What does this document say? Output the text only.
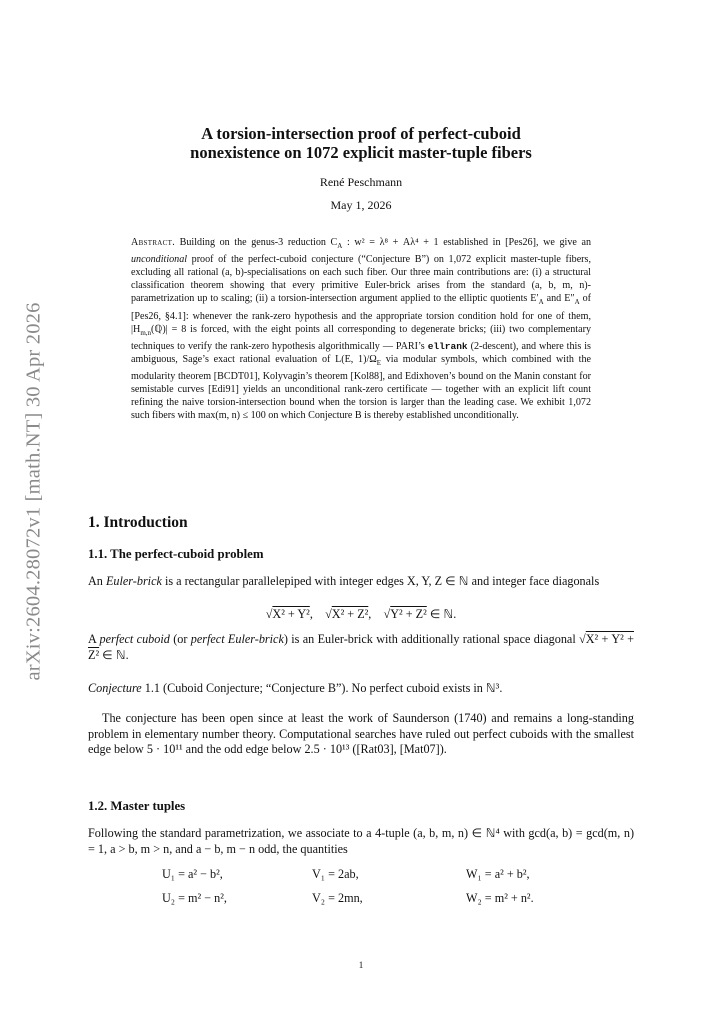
arXiv:2604.28072v1 [math.NT] 30 Apr 2026
A torsion-intersection proof of perfect-cuboid
nonexistence on 1072 explicit master-tuple fibers
René Peschmann
May 1, 2026
Abstract. Building on the genus-3 reduction $C_A$ : w² = λ⁸ + Aλ⁴ + 1 established in [Pes26], we give an unconditional proof of the perfect-cuboid conjecture (“Conjecture B”) on 1,072 explicit master-tuple fibers, excluding all rational (a, b)-specialisations on each such fiber. Our three main contributions are: (i) a structural classification theorem showing that every primitive Euler-brick arises from the standard (a, b, m, n)-parametrization up to scaling; (ii) a torsion-intersection argument applied to the elliptic quotients $E'_A$ and $E''_A$ of [Pes26, §4.1]: whenever the rank-zero hypothesis and the appropriate torsion condition hold for one of them, $|H_{m,n}(ℚ)| = 8$ is forced, with the eight points all corresponding to degenerate bricks; (iii) two complementary techniques to verify the rank-zero hypothesis algorithmically — PARI’s ellrank (2-descent), and where this is ambiguous, Sage’s exact rational evaluation of L(E, $1)/\Omega_E$ via modular symbols, which combined with the modularity theorem [BCDT01], Kolyvagin’s theorem [Kol88], and Edixhoven’s bound on the Manin constant for semistable curves [Edi91] yields an unconditional rank-zero certificate — together with an explicit lift count refining the naive torsion-intersection bound when the torsion is larger than the leading case. We exhibit 1,072 such fibers with max(m, n) ≤ 100 on which Conjecture B is thereby established unconditionally.
1. Introduction
1.1. The perfect-cuboid problem
An Euler-brick is a rectangular parallelepiped with integer edges X, Y, Z ∈ ℕ and integer face diagonals
√X² + Y²,    √X² + Z²,    √Y² + Z² ∈ ℕ.
A perfect cuboid (or perfect Euler-brick) is an Euler-brick with additionally rational space diagonal √X² + Y² + Z² ∈ ℕ.
Conjecture 1.1 (Cuboid Conjecture; “Conjecture B”). No perfect cuboid exists in ℕ³.
The conjecture has been open since at least the work of Saunderson (1740) and remains a long-standing problem in elementary number theory. Computational searches have ruled out perfect cuboids with the smallest edge below 5 · 10¹¹ and the odd edge below 2.5 · 10¹³ ([Rat03], [Mat07]).
1.2. Master tuples
Following the standard parametrization, we associate to a 4-tuple (a, b, m, n) ∈ ℕ⁴ with gcd(a, b) = gcd(m, n) = 1, a > b, m > n, and a − b, m − n odd, the quantities
U₁ = a² − b²,	V₁ = 2ab,	W₁ = a² + b²,
U₂ = m² − n²,	V₂ = 2mn,	W₂ = m² + n².
1
